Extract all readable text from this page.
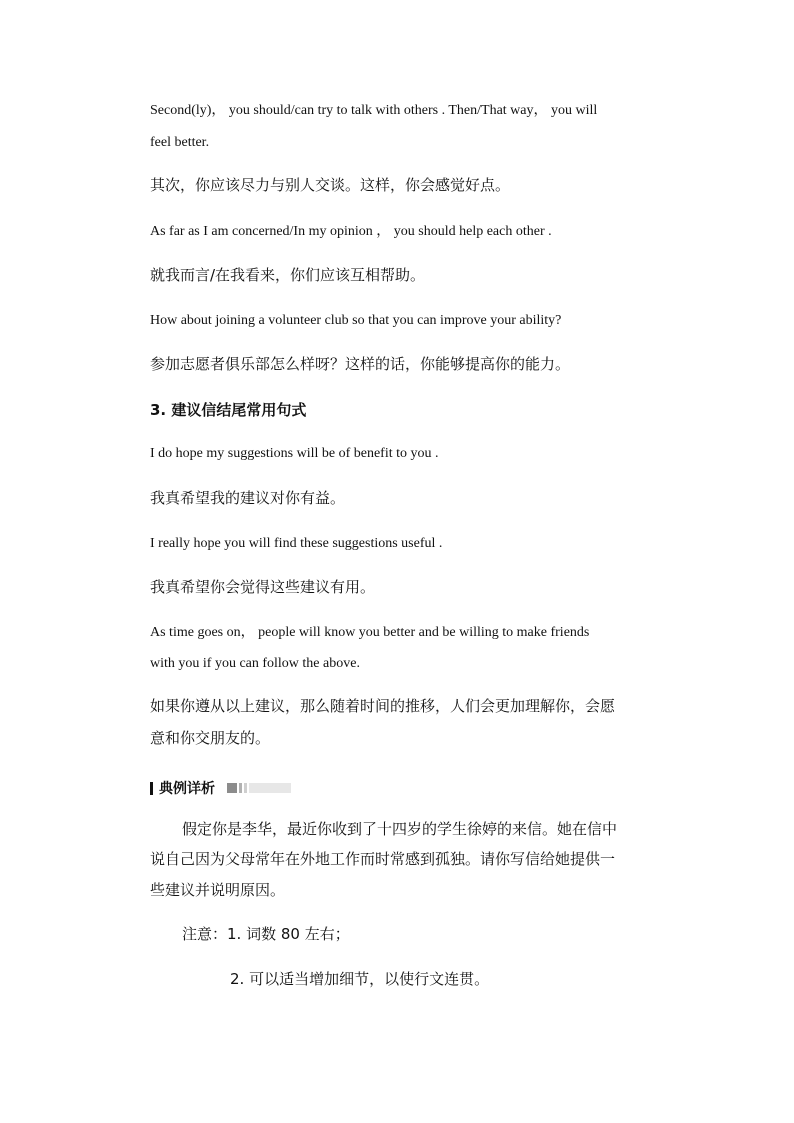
Second(ly)， you should/can try to talk with others . Then/That way， you will
feel better.
其次，你应该尽力与别人交谈。这样，你会感觉好点。
As far as I am concerned/In my opinion ， you should help each other .
就我而言/在我看来，你们应该互相帮助。
How about joining a volunteer club so that you can improve your ability?
参加志愿者俱乐部怎么样呀？这样的话，你能够提高你的能力。
3. 建议信结尾常用句式
I do hope my suggestions will be of benefit to you .
我真希望我的建议对你有益。
I really hope you will find these suggestions useful .
我真希望你会觉得这些建议有用。
As time goes on， people will know you better and be willing to make friends
with you if you can follow the above.
如果你遵从以上建议，那么随着时间的推移，人们会更加理解你，会愿
意和你交朋友的。
典例详析
假定你是李华，最近你收到了十四岁的学生徐婷的来信。她在信中
说自己因为父母常年在外地工作而时常感到孤独。请你写信给她提供一
些建议并说明原因。
注意：1. 词数 80 左右；
2. 可以适当增加细节，以使行文连贯。
